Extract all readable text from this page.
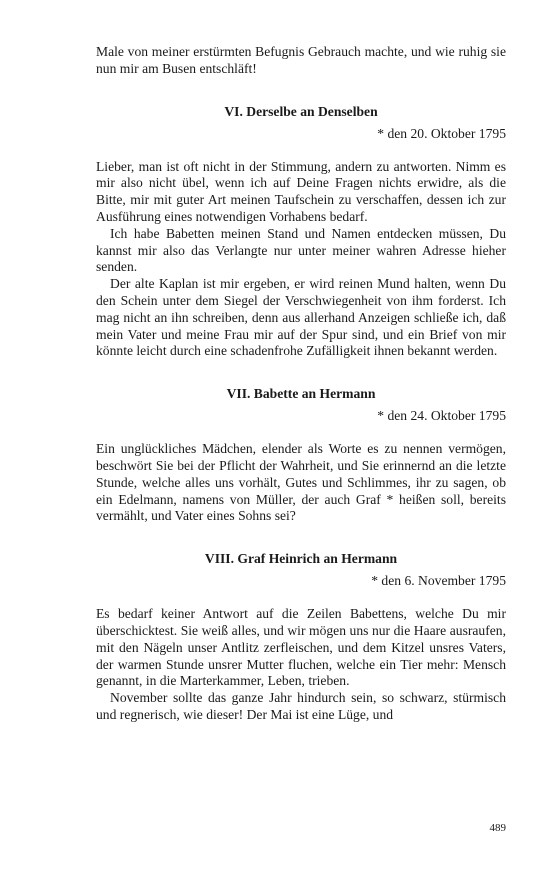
Male von meiner erstürmten Befugnis Gebrauch machte, und wie ruhig sie nun mir am Busen entschläft!

VI. Derselbe an Denselben
* den 20. Oktober 1795

Lieber, man ist oft nicht in der Stimmung, andern zu antworten. Nimm es mir also nicht übel, wenn ich auf Deine Fragen nichts erwidre, als die Bitte, mir mit guter Art meinen Taufschein zu verschaffen, dessen ich zur Ausführung eines notwendigen Vorhabens bedarf.

Ich habe Babetten meinen Stand und Namen entdecken müssen, Du kannst mir also das Verlangte nur unter meiner wahren Adresse hieher senden.

Der alte Kaplan ist mir ergeben, er wird reinen Mund halten, wenn Du den Schein unter dem Siegel der Verschwiegenheit von ihm forderst. Ich mag nicht an ihn schreiben, denn aus allerhand Anzeigen schließe ich, daß mein Vater und meine Frau mir auf der Spur sind, und ein Brief von mir könnte leicht durch eine schadenfrohe Zufälligkeit ihnen bekannt werden.

VII. Babette an Hermann
* den 24. Oktober 1795

Ein unglückliches Mädchen, elender als Worte es zu nennen vermögen, beschwört Sie bei der Pflicht der Wahrheit, und Sie erinnernd an die letzte Stunde, welche alles uns vorhält, Gutes und Schlimmes, ihr zu sagen, ob ein Edelmann, namens von Müller, der auch Graf * heißen soll, bereits vermählt, und Vater eines Sohns sei?

VIII. Graf Heinrich an Hermann
* den 6. November 1795

Es bedarf keiner Antwort auf die Zeilen Babettens, welche Du mir überschicktest. Sie weiß alles, und wir mögen uns nur die Haare ausraufen, mit den Nägeln unser Antlitz zerfleischen, und dem Kitzel unsres Vaters, der warmen Stunde unsrer Mutter fluchen, welche ein Tier mehr: Mensch genannt, in die Marterkammer, Leben, trieben.

November sollte das ganze Jahr hindurch sein, so schwarz, stürmisch und regnerisch, wie dieser! Der Mai ist eine Lüge, und

489
